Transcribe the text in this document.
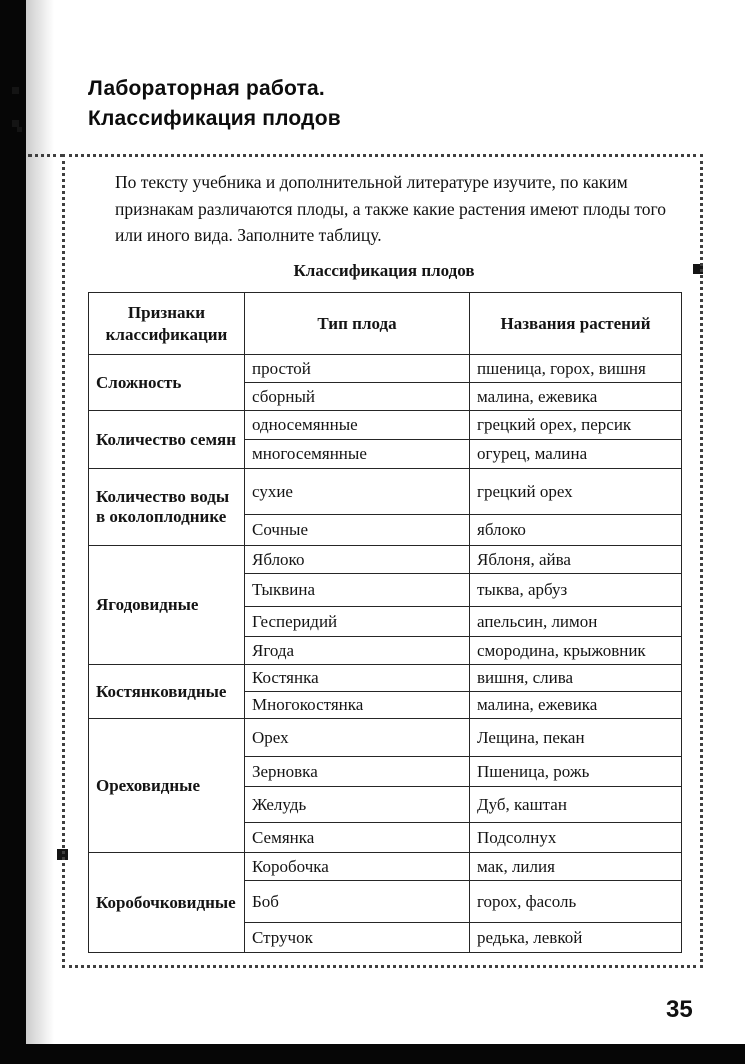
Лабораторная работа.
Классификация плодов
По тексту учебника и дополнительной литературе изучите, по каким признакам различаются плоды, а также какие растения имеют плоды того или иного вида. Заполните таблицу.
Классификация плодов
Признаки классификации	Тип плода	Названия растений
Сложность	простой	пшеница, горох, вишня
	сборный	малина, ежевика
Количество семян	односемянные	грецкий орех, персик
	многосемянные	огурец, малина
Количество воды в околоплоднике	сухие	грецкий орех
	Сочные	яблоко
Ягодовидные	Яблоко	Яблоня, айва
	Тыквина	тыква, арбуз
	Гесперидий	апельсин, лимон
	Ягода	смородина, крыжовник
Костянковидные	Костянка	вишня, слива
	Многокостянка	малина, ежевика
Ореховидные	Орех	Лещина, пекан
	Зерновка	Пшеница, рожь
	Желудь	Дуб, каштан
	Семянка	Подсолнух
Коробочковидные	Коробочка	мак, лилия
	Боб	горох, фасоль
	Стручок	редька, левкой
35
